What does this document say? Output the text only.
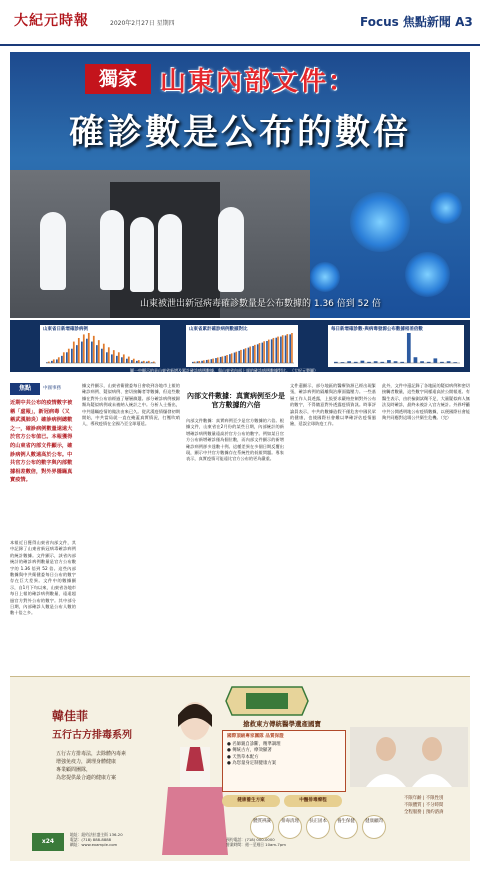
大紀元時報	2020年2月27日 星期四	Focus 焦點新聞 A3
獨家 山東內部文件：
確診數是公布的數倍
山東被泄出新冠病毒確診數量是公布數據的 1.36 倍到 52 倍
山東省日新增確診病例	山東省累計確診病例數據對比	每日新增確診數-與病毒發源公布數據相差倍數
圖一中顯示的是山東省新增及累計確診病例數據，與山東省內部上報的確診病例數據對比。（大紀元製圖）
焦點	中國事務
近期中共公布的疫情數字被稱「虛報」，新冠病毒（又稱武漢肺炎）確診病例總數之一，確診病例數量遠遠大於官方公布值已。本報獲得的山東省內部文件顯示，確診病例人數遠高於公布。中共官方公布的數字與內部數據相差數倍，對外界隱瞞真實疫情。
本報近日獲得山東省內部文件，其中記錄了山東省新冠病毒確診病例的統計數據。文件顯示，該省內部統計的確診病例數量是官方公布數字的 1.36 倍到 52 倍。這些內部數據與中共衛健委每日公布的數字存在巨大差異。文件中的數據顯示，自1月下旬以來，山東省各地市每日上報的確診病例數量，遠遠超過官方對外公布的數字。其中部分日期，內部確診人數是公布人數的數十倍之多。
據文件顯示，山東省衛健委每日會收到各地市上報的確診病例、疑似病例、密切接觸者等數據，但這些數據在對外公布前經過了層層篩選。部分確診病例被歸類為疑似病例或未被納入統計之中。分析人士指出，中共隱瞞疫情的做法由來已久。從武漢疫情爆發初期開始，中共當局就一直在掩蓋真實情況，打壓吹哨人，導致疫情在全國乃至全球蔓延。
內部文件數據：真實病例至少是官方數據的六倍
內部文件數據：真實病例至少是官方數據的六倍。根據文件，山東省在2月份的某些日期，內部統計的新增確診病例數量遠高於官方公布的數字。例如某日官方公布新增確診僅為個位數，而內部文件顯示的新增確診病例卻多達數十例。這種差異在多個日期反覆出現，顯示中共官方數據存在系統性的低報問題。專家表示，真實疫情可能遠比官方公布的更為嚴重。
文件還顯示，部分地區的醫療資源已經出現緊張，確診病例的隔離與治療面臨壓力。一些基層工作人員透露，上級要求嚴格控制對外公布的數字，不得隨意對外透露疫情資訊。時事評論員表示，中共的數據造假不僅危害中國民眾的健康，也使國際社會難以準確評估疫情風險，延誤全球防疫工作。
此外，文件中還記錄了各地區的疑似病例和密切接觸者數量，這些數字同樣遠高於公開報道。有醫生表示，由於檢測試劑不足，大量疑似病人無法及時確診，最終未被計入官方統計。外界呼籲中共公開透明地公布疫情數據，以便國際社會能夠共同應對這場公共衛生危機。（完）
韓佳菲
五行古方排毒系列
五行古方排毒法，去除體內毒素
增強免疫力，調理身體健康
專業顧問團隊，
為您提供最合適的健康方案
搶救東方傳統醫學遺產國寶
國際頂級專家團隊 品質保證
● 名師親自診斷，精準調理
● 傳統古方，療效顯著
● 天然草本配方
● 為您量身定制健康方案
健康養生方案	中醫排毒療程
體質辨識	排毒清理	扶正固本	養生保健	健康顧問
不限年齡 | 不限性別
不限體質 | 不分時間
全程服務 | 預約諮詢
x24
地址：紐約法拉盛主街 136-20
電話：(718) 888-8888
網址：www.example.com
預約電話：(718) 000-0000
營業時間：週一至週日 10am-7pm
